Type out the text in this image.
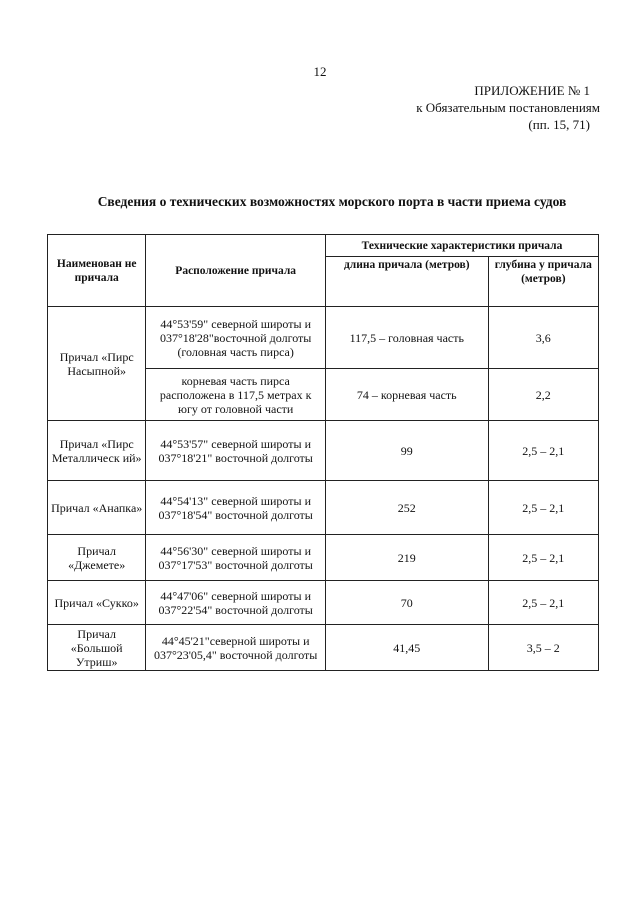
12
ПРИЛОЖЕНИЕ № 1
к Обязательным постановлениям
(пп. 15, 71)
Сведения о технических возможностях морского порта в части приема судов
Наименован не причала	Расположение причала	Технические характеристики причала	
		длина причала (метров)	глубина у причала (метров)
Причал «Пирс Насыпной»	44°53'59" северной широты и 037°18'28"восточной долготы (головная часть пирса)	117,5 – головная часть	3,6
	корневая часть пирса расположена в 117,5 метрах к югу от головной части	74 – корневая часть	2,2
Причал «Пирс Металлическ ий»	44°53'57" северной широты и 037°18'21" восточной долготы	99	2,5 – 2,1
Причал «Анапка»	44°54'13" северной широты и 037°18'54" восточной долготы	252	2,5 – 2,1
Причал «Джемете»	44°56'30" северной широты и 037°17'53" восточной долготы	219	2,5 – 2,1
Причал «Сукко»	44°47'06" северной широты и 037°22'54" восточной долготы	70	2,5 – 2,1
Причал «Большой Утриш»	44°45'21"северной широты и 037°23'05,4" восточной долготы	41,45	3,5 – 2
